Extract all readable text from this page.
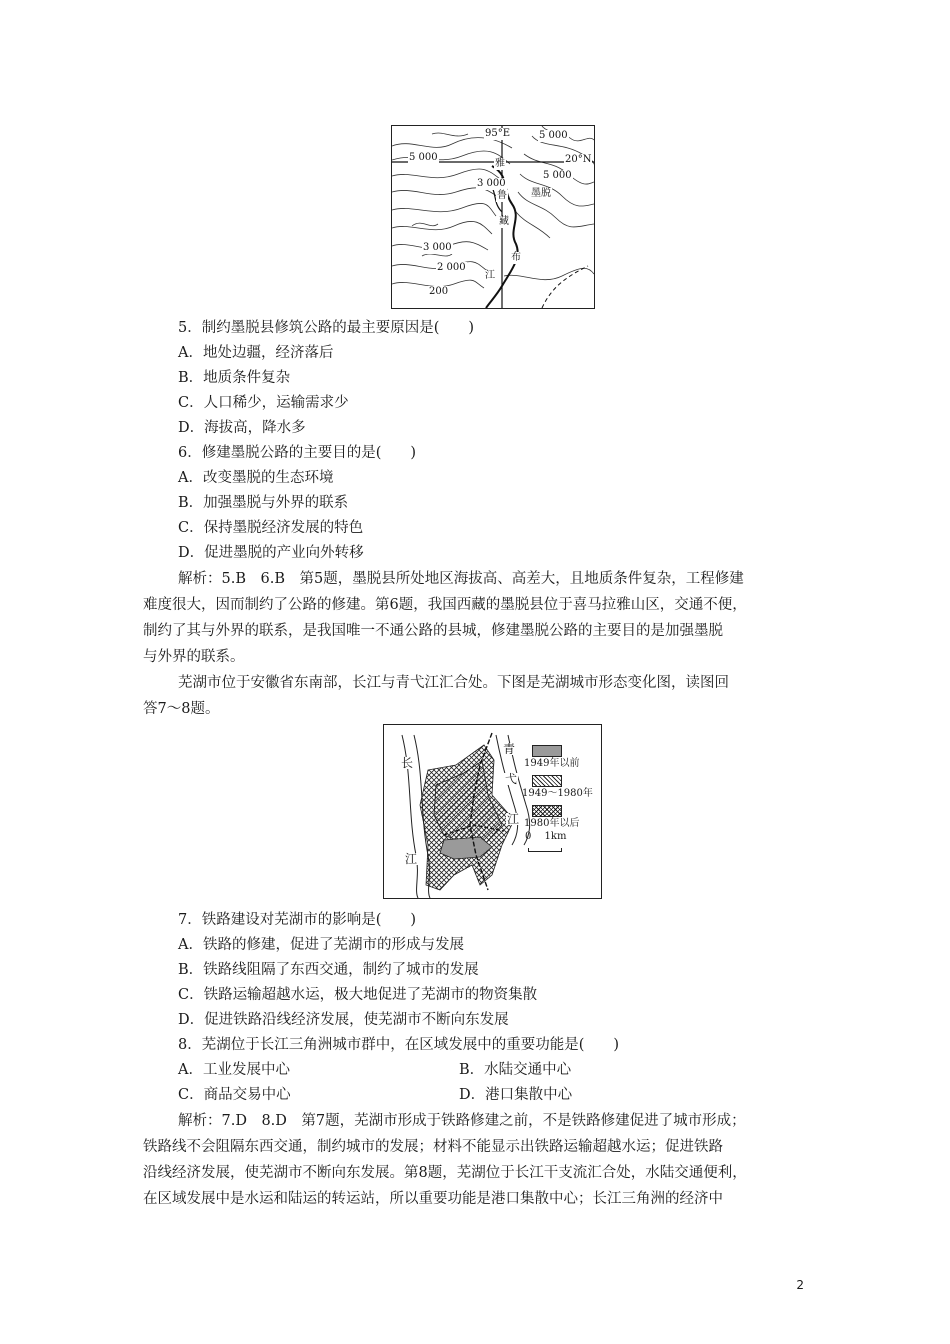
95°E	5 000
20°N
5 000
5 000
3 000
3 000
2 000
200
雅
鲁
藏
布
江
墨脱
5．制约墨脱县修筑公路的最主要原因是(　　)
A．地处边疆，经济落后
B．地质条件复杂
C．人口稀少，运输需求少
D．海拔高，降水多
6．修建墨脱公路的主要目的是(　　)
A．改变墨脱的生态环境
B．加强墨脱与外界的联系
C．保持墨脱经济发展的特色
D．促进墨脱的产业向外转移
解析：5.B　6.B　第5题，墨脱县所处地区海拔高、高差大，且地质条件复杂，工程修建
难度很大，因而制约了公路的修建。第6题，我国西藏的墨脱县位于喜马拉雅山区，交通不便，
制约了其与外界的联系，是我国唯一不通公路的县城，修建墨脱公路的主要目的是加强墨脱
与外界的联系。
芜湖市位于安徽省东南部，长江与青弋江汇合处。下图是芜湖城市形态变化图，读图回
答7～8题。
长
江
青
弋
江
1949年以前
1949～1980年
1980年以后
0　 1km
7．铁路建设对芜湖市的影响是(　　)
A．铁路的修建，促进了芜湖市的形成与发展
B．铁路线阻隔了东西交通，制约了城市的发展
C．铁路运输超越水运，极大地促进了芜湖市的物资集散
D．促进铁路沿线经济发展，使芜湖市不断向东发展
8．芜湖位于长江三角洲城市群中，在区域发展中的重要功能是(　　)
A．工业发展中心	B．水陆交通中心
C．商品交易中心	D．港口集散中心
解析：7.D　8.D　第7题，芜湖市形成于铁路修建之前，不是铁路修建促进了城市形成；
铁路线不会阻隔东西交通，制约城市的发展；材料不能显示出铁路运输超越水运；促进铁路
沿线经济发展，使芜湖市不断向东发展。第8题，芜湖位于长江干支流汇合处，水陆交通便利，
在区域发展中是水运和陆运的转运站，所以重要功能是港口集散中心；长江三角洲的经济中
2
